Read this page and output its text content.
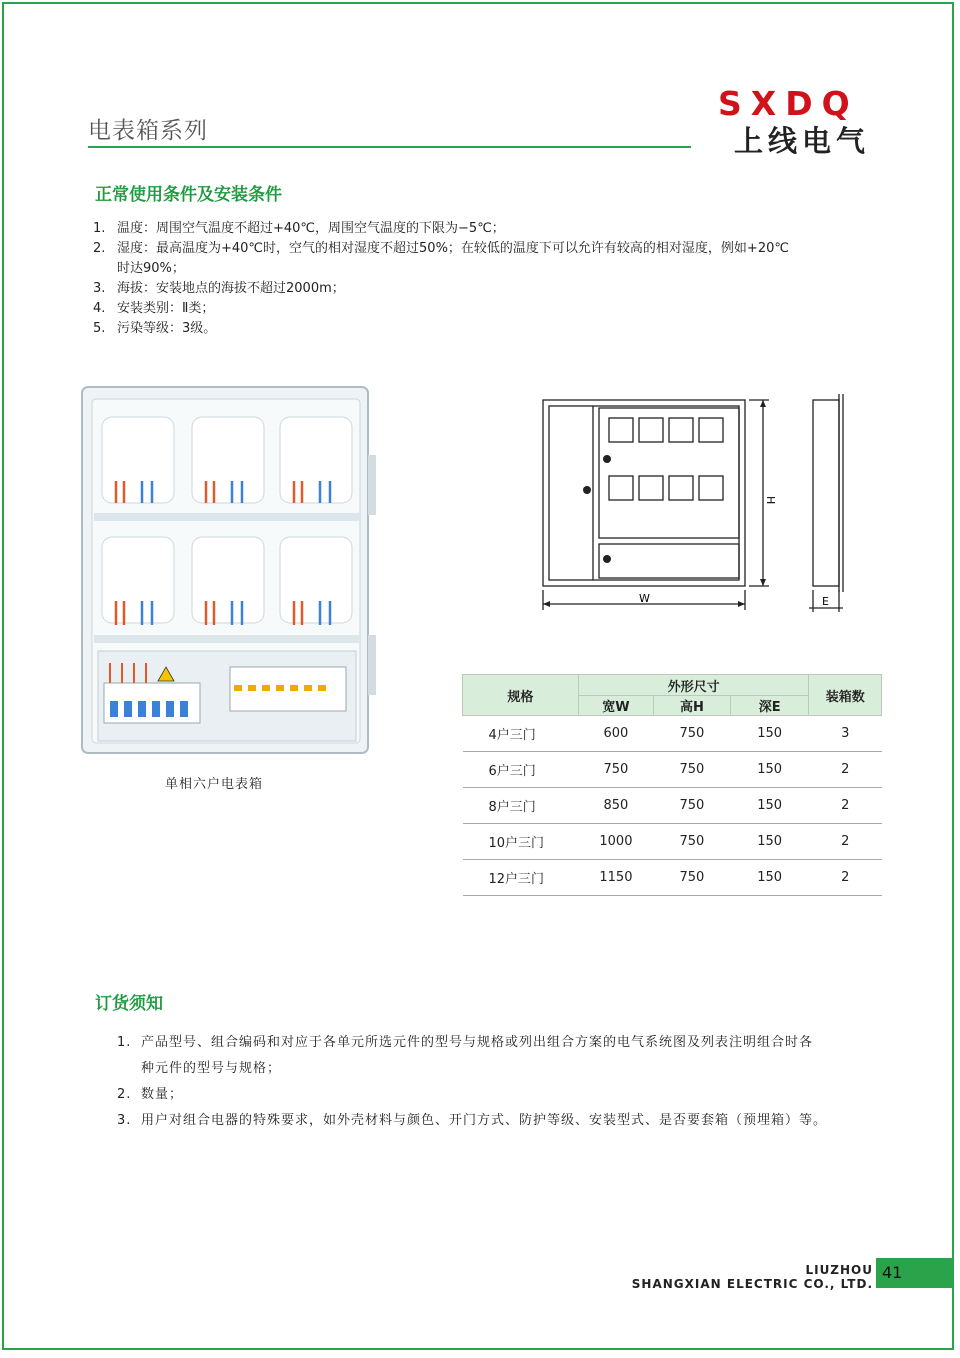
电表箱系列
SXDQ
上线电气
正常使用条件及安装条件
1. 温度：周围空气温度不超过+40℃，周围空气温度的下限为−5℃；
2. 湿度：最高温度为+40℃时，空气的相对湿度不超过50%；在较低的温度下可以允许有较高的相对湿度，例如+20℃
时达90%；
3. 海拔：安装地点的海拔不超过2000m；
4. 安装类别：Ⅱ类；
5. 污染等级：3级。
单相六户电表箱
W
H
E
规格	外形尺寸			装箱数
	宽W	高H	深E	
4户三门	600	750	150	3
6户三门	750	750	150	2
8户三门	850	750	150	2
10户三门	1000	750	150	2
12户三门	1150	750	150	2
订货须知
1. 产品型号、组合编码和对应于各单元所选元件的型号与规格或列出组合方案的电气系统图及列表注明组合时各
种元件的型号与规格；
2. 数量；
3. 用户对组合电器的特殊要求，如外壳材料与颜色、开门方式、防护等级、安装型式、是否要套箱（预埋箱）等。
LIUZHOU
SHANGXIAN ELECTRIC CO., LTD.
41
